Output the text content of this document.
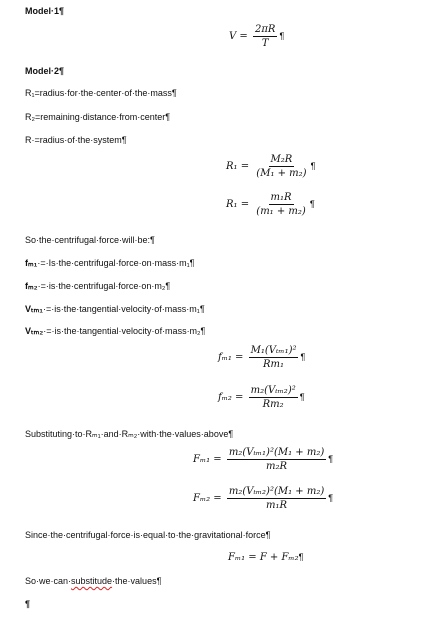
Model·1¶
$V = \frac{2\pi R}{T}$ ¶
Model·2¶
R₁=radius·for·the·center·of·the·mass¶
R₂=remaining·distance·from·center¶
R·=radius·of·the·system¶
$R_1 = \frac{\text{M₂R}}{\text{(M₁ + m₂)}}$ ¶
$R_1 = \frac{\text{m₁R}}{\text{(m₁ + m₂)}}$ ¶
So·the·centrifugal·force·will·be:¶
fₘ₁·=·Is·the·centrifugal·force·on·mass·m₁¶
fₘ₂·=·is·the·centrifugal·force·on·m₂¶
Vₜₘ₁·=·is·the·tangential·velocity·of·mass·m₁¶
Vₜₘ₂·=·is·the·tangential·velocity·of·mass·m₂¶
$f_{m1} = \frac{\text{M₁(Vₜₘ₁)²}}{\text{Rm₁}}$ ¶
$f_{m2} = \frac{\text{m₂(Vₜₘ₂)²}}{\text{Rm₂}}$ ¶
Substituting·to·Rₘ₁·and·Rₘ₂·with·the·values·above¶
$F_{m1} = \frac{\text{m₂(Vₜₘ₁)²(M₁ + m₂)}}{\text{m₂R}}$ ¶
$F_{m2} = \frac{\text{m₂(Vₜₘ₂)²(M₁ + m₂)}}{\text{m₁R}}$ ¶
Since·the·centrifugal·force·is·equal·to·the·gravitational·force¶
Fₘ₁ = F + Fₘ₂¶
So·we·can·substitude·the·values¶
¶
